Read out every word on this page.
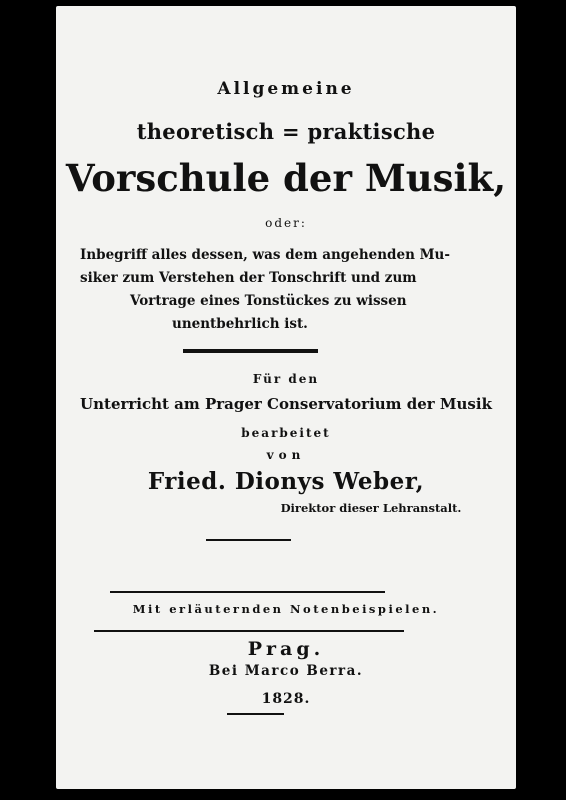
Allgemeine
theoretisch = praktische
Vorschule der Musik,
oder:
Inbegriff alles dessen, was dem angehenden Mu-
siker zum Verstehen der Tonschrift und zum
Vortrage eines Tonstückes zu wissen
unentbehrlich ist.
Für den
Unterricht am Prager Conservatorium der Musik
bearbeitet
von
Fried. Dionys Weber,
Direktor dieser Lehranstalt.
Mit erläuternden Notenbeispielen.
Prag.
Bei Marco Berra.
1828.
